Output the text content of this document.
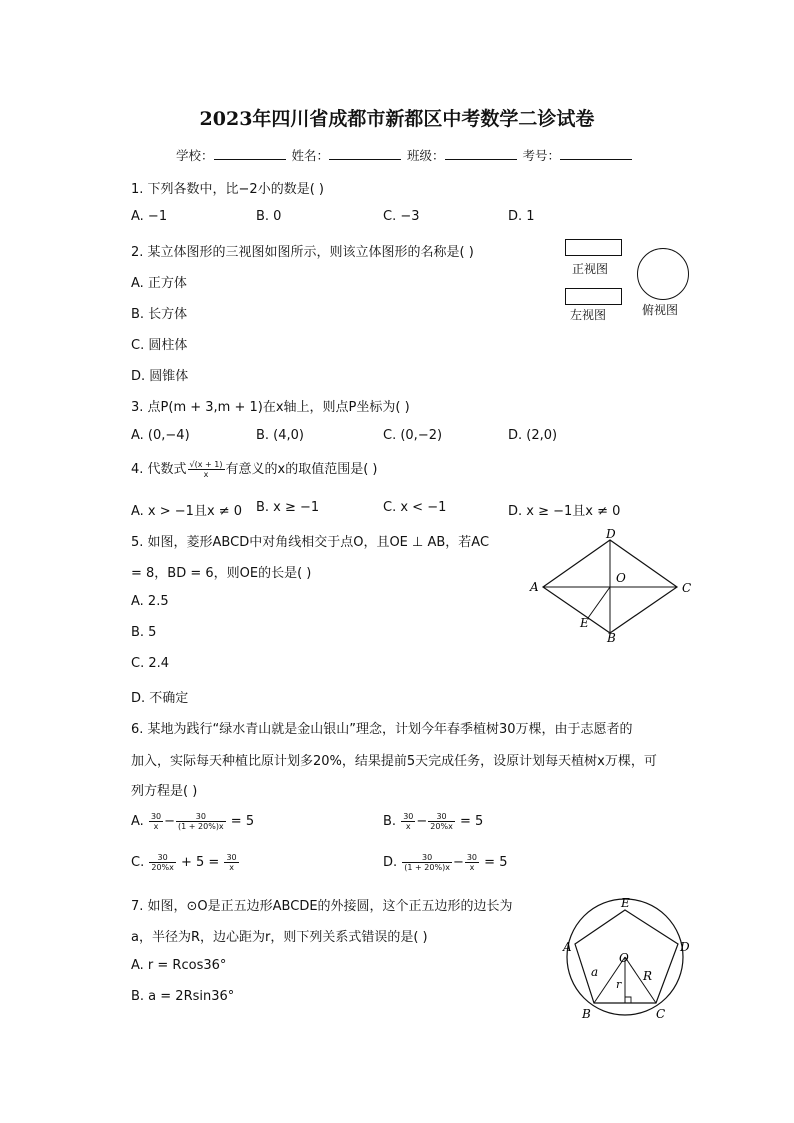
2023年四川省成都市新都区中考数学二诊试卷
学校：	姓名：	班级：	考号：
1. 下列各数中，比−2小的数是( )
A. −1	B. 0	C. −3	D. 1
2. 某立体图形的三视图如图所示，则该立体图形的名称是( )
A. 正方体
B. 长方体
C. 圆柱体
D. 圆锥体
正视图
左视图	俯视图
3. 点P(m + 3,m + 1)在x轴上，则点P坐标为( )
A. (0,−4)	B. (4,0)	C. (0,−2)	D. (2,0)
4. 代数式 $\frac{√(x + 1)}{x}$ 有意义的x的取值范围是( )
A. x > −1且x ≠ 0 B. x ≥ −1	C. x < −1	D. x ≥ −1且x ≠ 0
5. 如图，菱形ABCD中对角线相交于点O，且OE ⊥ AB，若AC
= 8，BD = 6，则OE的长是( )
A. 2.5
B. 5
C. 2.4
D. 不确定
A
B
C
D
O
E
6. 某地为践行“绿水青山就是金山银山”理念，计划今年春季植树30万棵，由于志愿者的
加入，实际每天种植比原计划多20%，结果提前5天完成任务，设原计划每天植树x万棵，可
列方程是( )
A. $\frac{30}{x} - \frac{30}{(1 + 20\%)x} = 5$	B. $\frac{30}{x} - \frac{30}{20\%x} = 5$
C. $\frac{30}{20\%x} + 5 = \frac{30}{x}$	D. $\frac{30}{(1 + 20\%)x} - \frac{30}{x} = 5$
7. 如图，⊙O是正五边形ABCDE的外接圆，这个正五边形的边长为
a，半径为R，边心距为r，则下列关系式错误的是( )
A. r = Rcos36°
B. a = 2Rsin36°
E
D
C
B
A
O
a	R
r
